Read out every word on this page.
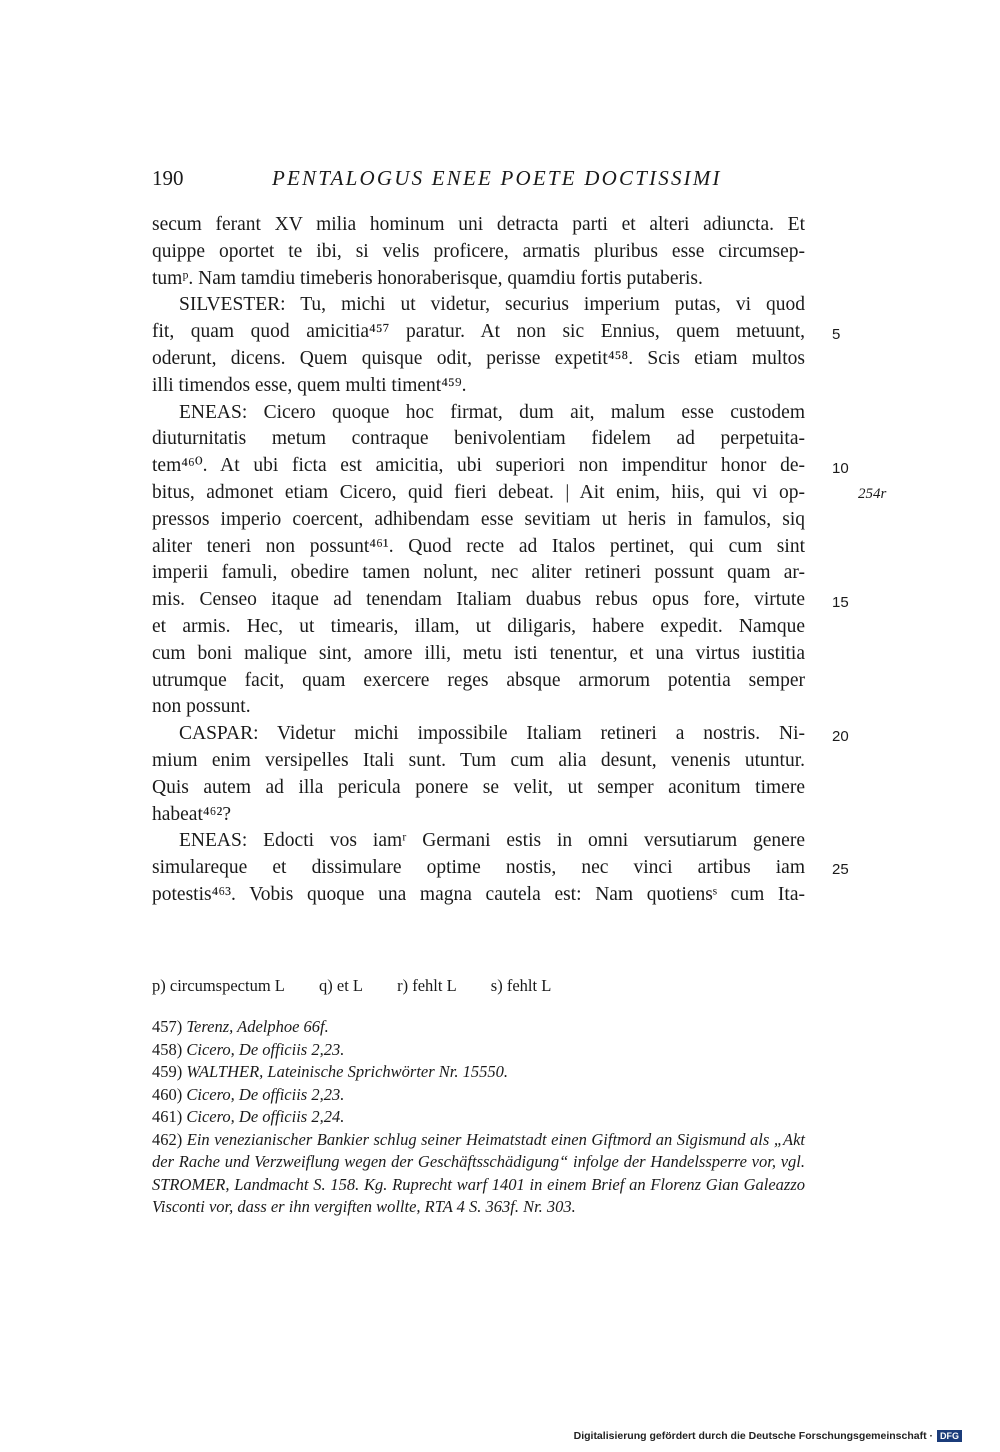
190	PENTALOGUS ENEE POETE DOCTISSIMI
secum ferant XV milia hominum uni detracta parti et alteri adiuncta. Et
quippe oportet te ibi, si velis proficere, armatis pluribus esse circumsep-
tumᵖ. Nam tamdiu timeberis honoraberisque, quamdiu fortis putaberis.
SILVESTER: Tu, michi ut videtur, securius imperium putas, vi quod
fit, quam quod amicitia⁴⁵⁷ paratur. At non sic Ennius, quem metuunt,
oderunt, dicens. Quem quisque odit, perisse expetit⁴⁵⁸. Scis etiam multos
illi timendos esse, quem multi timent⁴⁵⁹.
ENEAS: Cicero quoque hoc firmat, dum ait, malum esse custodem
diuturnitatis metum contraque benivolentiam fidelem ad perpetuita-
tem⁴⁶⁰. At ubi ficta est amicitia, ubi superiori non impenditur honor de-
bitus, admonet etiam Cicero, quid fieri debeat. | Ait enim, hiis, qui vi op-
pressos imperio coercent, adhibendam esse sevitiam ut heris in famulos, siq
aliter teneri non possunt⁴⁶¹. Quod recte ad Italos pertinet, qui cum sint
imperii famuli, obedire tamen nolunt, nec aliter retineri possunt quam ar-
mis. Censeo itaque ad tenendam Italiam duabus rebus opus fore, virtute
et armis. Hec, ut timearis, illam, ut diligaris, habere expedit. Namque
cum boni malique sint, amore illi, metu isti tenentur, et una virtus iustitia
utrumque facit, quam exercere reges absque armorum potentia semper
non possunt.
CASPAR: Videtur michi impossibile Italiam retineri a nostris. Ni-
mium enim versipelles Itali sunt. Tum cum alia desunt, venenis utuntur.
Quis autem ad illa pericula ponere se velit, ut semper aconitum timere
habeat⁴⁶²?
ENEAS: Edocti vos iamʳ Germani estis in omni versutiarum genere
simulareque et dissimulare optime nostis, nec vinci artibus iam
potestis⁴⁶³. Vobis quoque una magna cautela est: Nam quotiensˢ cum Ita-
5
10
254r
15
20
25
p) circumspectum L q) et L r) fehlt L s) fehlt L
457) Terenz, Adelphoe 66f.
458) Cicero, De officiis 2,23.
459) WALTHER, Lateinische Sprichwörter Nr. 15550.
460) Cicero, De officiis 2,23.
461) Cicero, De officiis 2,24.
462) Ein venezianischer Bankier schlug seiner Heimatstadt einen Giftmord an Sigismund als „Akt der Rache und Verzweiflung wegen der Geschäftsschädigung“ infolge der Handelssperre vor, vgl. STROMER, Landmacht S. 158. Kg. Ruprecht warf 1401 in einem Brief an Florenz Gian Galeazzo Visconti vor, dass er ihn vergiften wollte, RTA 4 S. 363f. Nr. 303.
Digitalisierung gefördert durch die Deutsche Forschungsgemeinschaft · DFG
